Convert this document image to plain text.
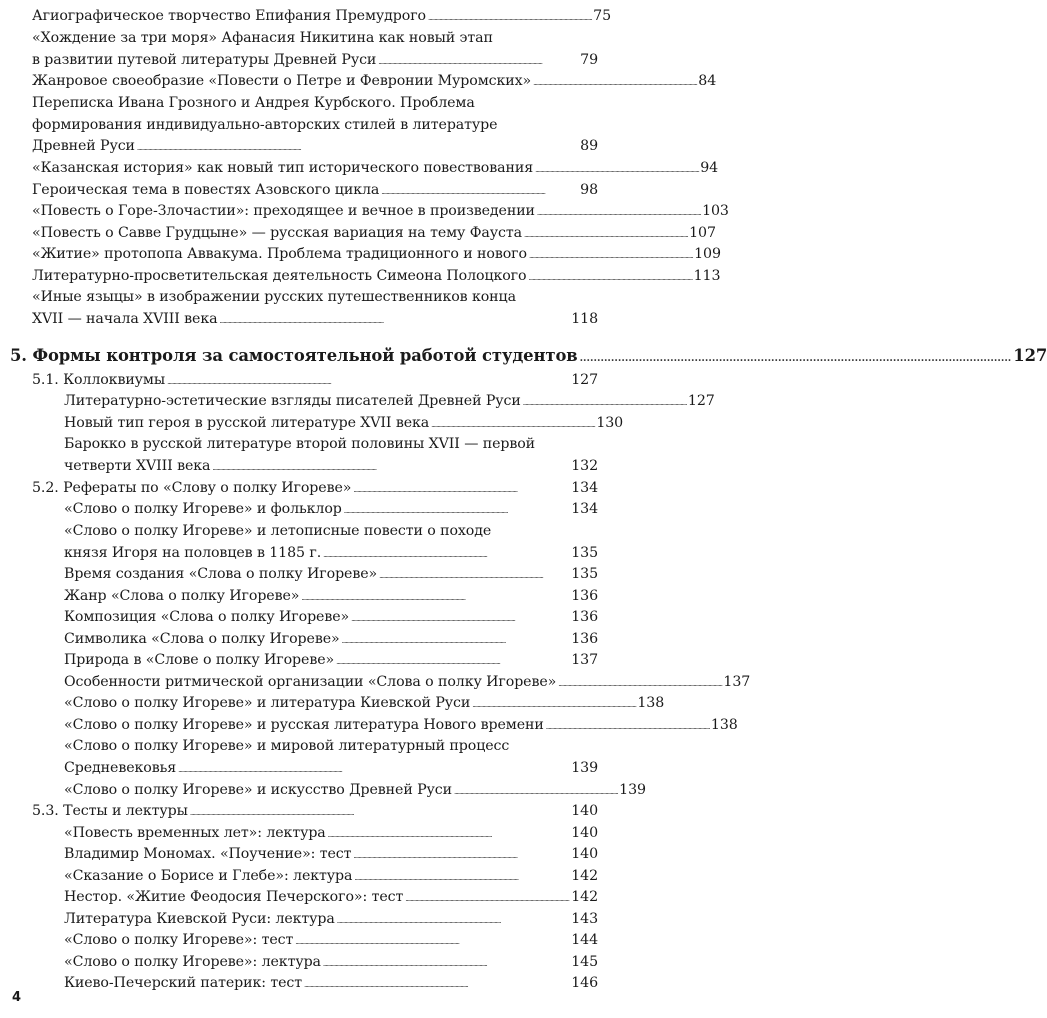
Агиографическое творчество Епифания Премудрого . . .	75
«Хождение за три моря» Афанасия Никитина как новый этап
в развитии путевой литературы Древней Руси . . .	79
Жанровое своеобразие «Повести о Петре и Февронии Муромских» . . .	84
Переписка Ивана Грозного и Андрея Курбского. Проблема
формирования индивидуально-авторских стилей в литературе
Древней Руси . . .	89
«Казанская история» как новый тип исторического повествования . . .	94
Героическая тема в повестях Азовского цикла . . .	98
«Повесть о Горе-Злочастии»: преходящее и вечное в произведении . . .	103
«Повесть о Савве Грудцыне» — русская вариация на тему Фауста . . .	107
«Житие» протопопа Аввакума. Проблема традиционного и нового . . .	109
Литературно-просветительская деятельность Симеона Полоцкого . . .	113
«Иные языцы» в изображении русских путешественников конца
XVII — начала XVIII века . . .	118
5. Формы контроля за самостоятельной работой студентов .....	127
5.1. Коллоквиумы . . .	127
Литературно-эстетические взгляды писателей Древней Руси . . .	127
Новый тип героя в русской литературе XVII века . . .	130
Барокко в русской литературе второй половины XVII — первой
четверти XVIII века . . .	132
5.2. Рефераты по «Слову о полку Игореве» . . .	134
«Слово о полку Игореве» и фольклор . . .	134
«Слово о полку Игореве» и летописные повести о походе
князя Игоря на половцев в 1185 г. . . .	135
Время создания «Слова о полку Игореве» . . .	135
Жанр «Слова о полку Игореве» . . .	136
Композиция «Слова о полку Игореве» . . .	136
Символика «Слова о полку Игореве» . . .	136
Природа в «Слове о полку Игореве» . . .	137
Особенности ритмической организации «Слова о полку Игореве» . . .	137
«Слово о полку Игореве» и литература Киевской Руси . . .	138
«Слово о полку Игореве» и русская литература Нового времени . . .	138
«Слово о полку Игореве» и мировой литературный процесс
Средневековья . . .	139
«Слово о полку Игореве» и искусство Древней Руси . . .	139
5.3. Тесты и лектуры . . .	140
«Повесть временных лет»: лектура . . .	140
Владимир Мономах. «Поучение»: тест . . .	140
«Сказание о Борисе и Глебе»: лектура . . .	142
Нестор. «Житие Феодосия Печерского»: тест . . .	142
Литература Киевской Руси: лектура . . .	143
«Слово о полку Игореве»: тест . . .	144
«Слово о полку Игореве»: лектура . . .	145
Киево-Печерский патерик: тест . . .	146
4
